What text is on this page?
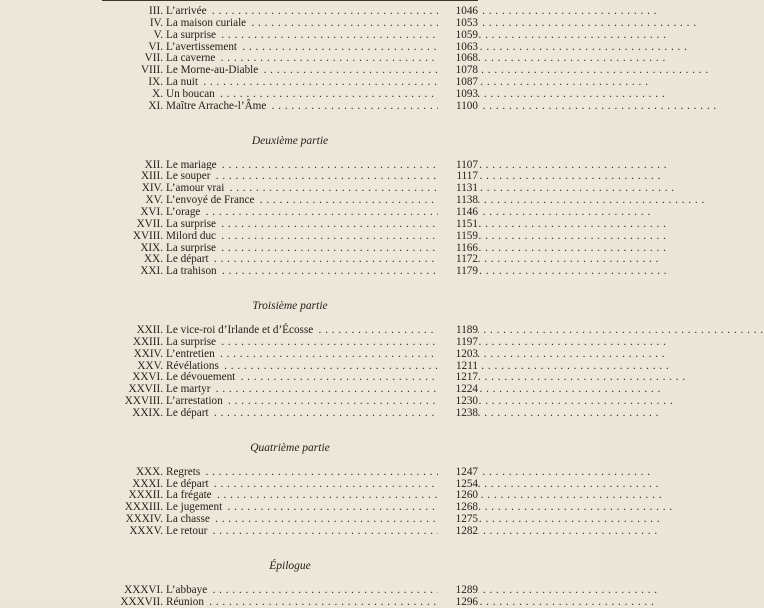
III. L’arrivée . . .	1046
IV. La maison curiale . . .	1053
V. La surprise . . .	1059
VI. L’avertissement . . .	1063
VII. La caverne . . .	1068
VIII. Le Morne-au-Diable . . .	1078
IX. La nuit . . .	1087
X. Un boucan . . .	1093
XI. Maître Arrache-l’Âme . . .	1100
Deuxième partie
XII. Le mariage . . .	1107
XIII. Le souper . . .	1117
XIV. L’amour vrai . . .	1131
XV. L’envoyé de France . . .	1138
XVI. L’orage . . .	1146
XVII. La surprise . . .	1151
XVIII. Milord duc . . .	1159
XIX. La surprise . . .	1166
XX. Le départ . . .	1172
XXI. La trahison . . .	1179
Troisième partie
XXII. Le vice-roi d’Irlande et d’Écosse . . .	1189
XXIII. La surprise . . .	1197
XXIV. L’entretien . . .	1203
XXV. Révélations . . .	1211
XXVI. Le dévouement . . .	1217
XXVII. Le martyr . . .	1224
XXVIII. L’arrestation . . .	1230
XXIX. Le départ . . .	1238
Quatrième partie
XXX. Regrets . . .	1247
XXXI. Le départ . . .	1254
XXXII. La frégate . . .	1260
XXXIII. Le jugement . . .	1268
XXXIV. La chasse . . .	1275
XXXV. Le retour . . .	1282
Épilogue
XXXVI. L’abbaye . . .	1289
XXXVII. Réunion . . .	1296
